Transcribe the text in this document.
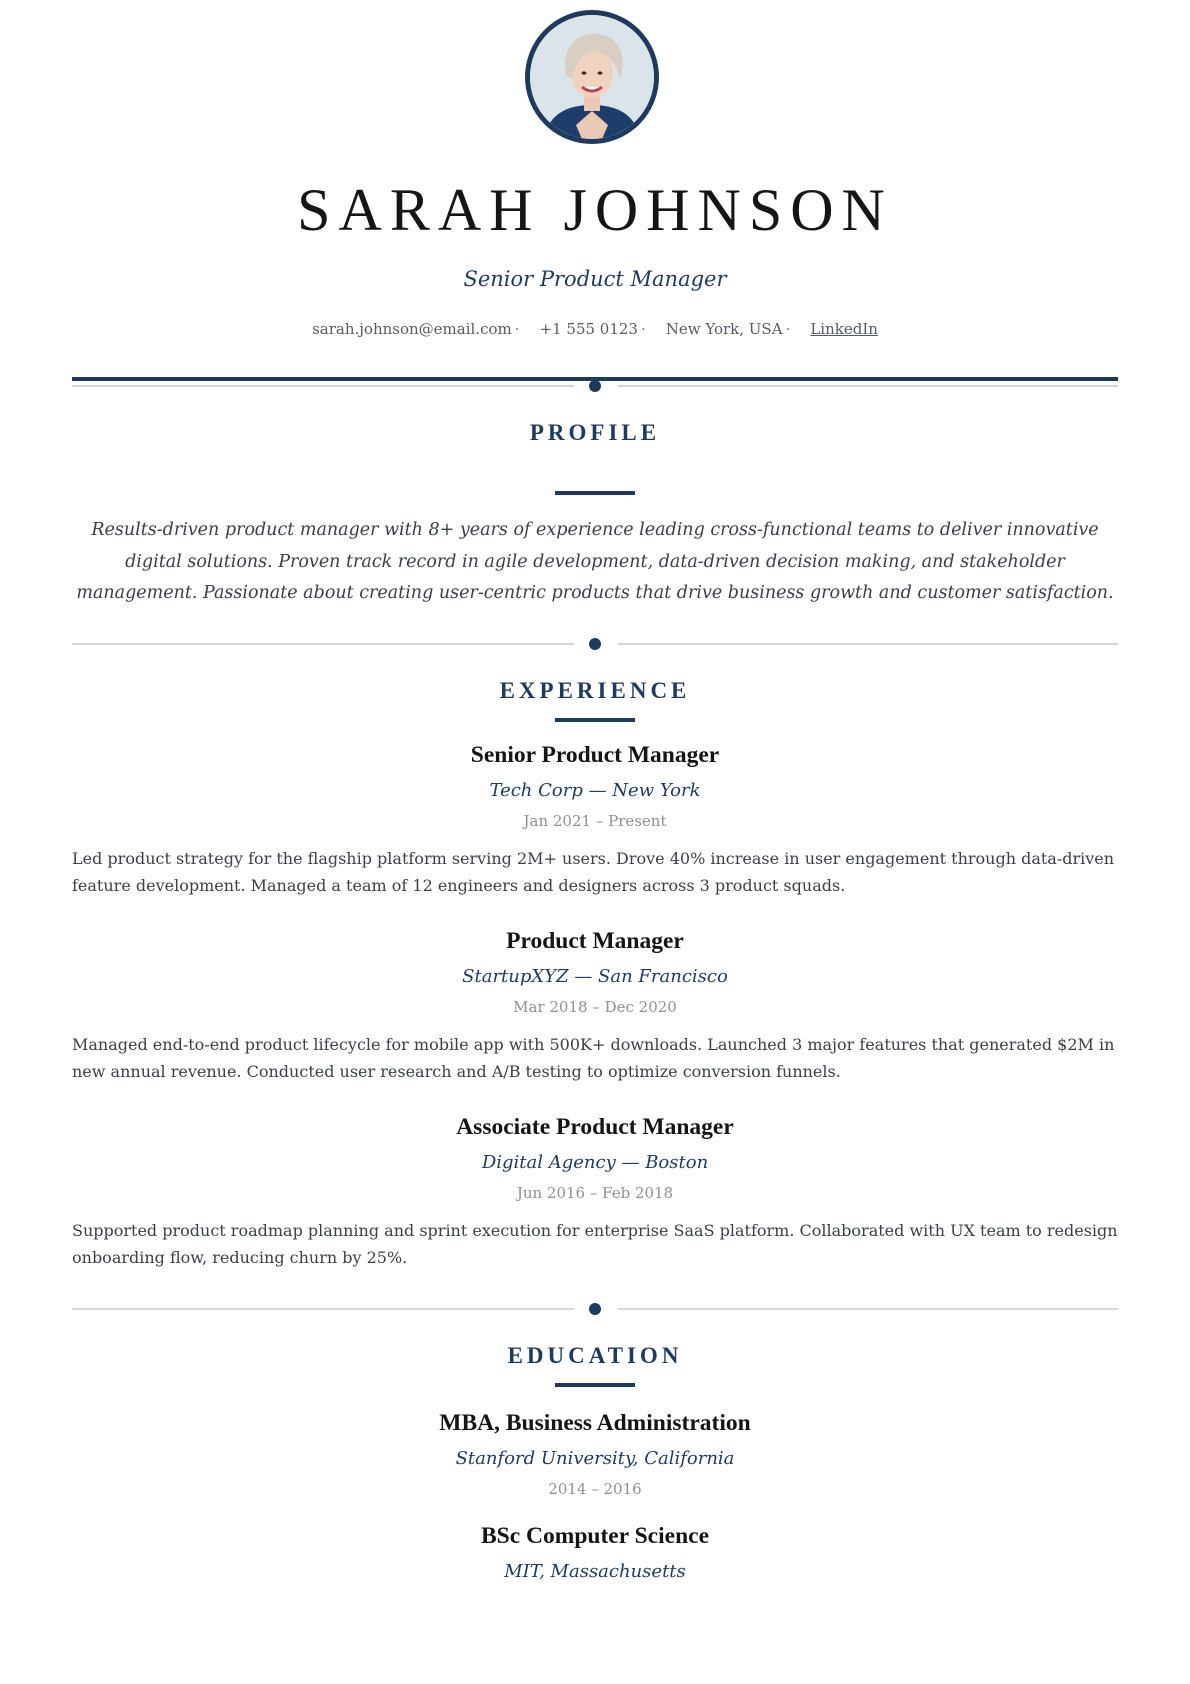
SARAH JOHNSON
Senior Product Manager
sarah.johnson@email.com · +1 555 0123 · New York, USA · LinkedIn
PROFILE

Results-driven product manager with 8+ years of experience leading cross-functional teams to deliver innovative digital solutions. Proven track record in agile development, data-driven decision making, and stakeholder management. Passionate about creating user-centric products that drive business growth and customer satisfaction.

EXPERIENCE
Senior Product Manager
Tech Corp — New York
Jan 2021 – Present

Led product strategy for the flagship platform serving 2M+ users. Drove 40% increase in user engagement through data-driven feature development. Managed a team of 12 engineers and designers across 3 product squads.

Product Manager
StartupXYZ — San Francisco
Mar 2018 – Dec 2020

Managed end-to-end product lifecycle for mobile app with 500K+ downloads. Launched 3 major features that generated $2M in new annual revenue. Conducted user research and A/B testing to optimize conversion funnels.

Associate Product Manager
Digital Agency — Boston
Jun 2016 – Feb 2018

Supported product roadmap planning and sprint execution for enterprise SaaS platform. Collaborated with UX team to redesign onboarding flow, reducing churn by 25%.

EDUCATION
MBA, Business Administration
Stanford University, California
2014 – 2016
BSc Computer Science
MIT, Massachusetts
